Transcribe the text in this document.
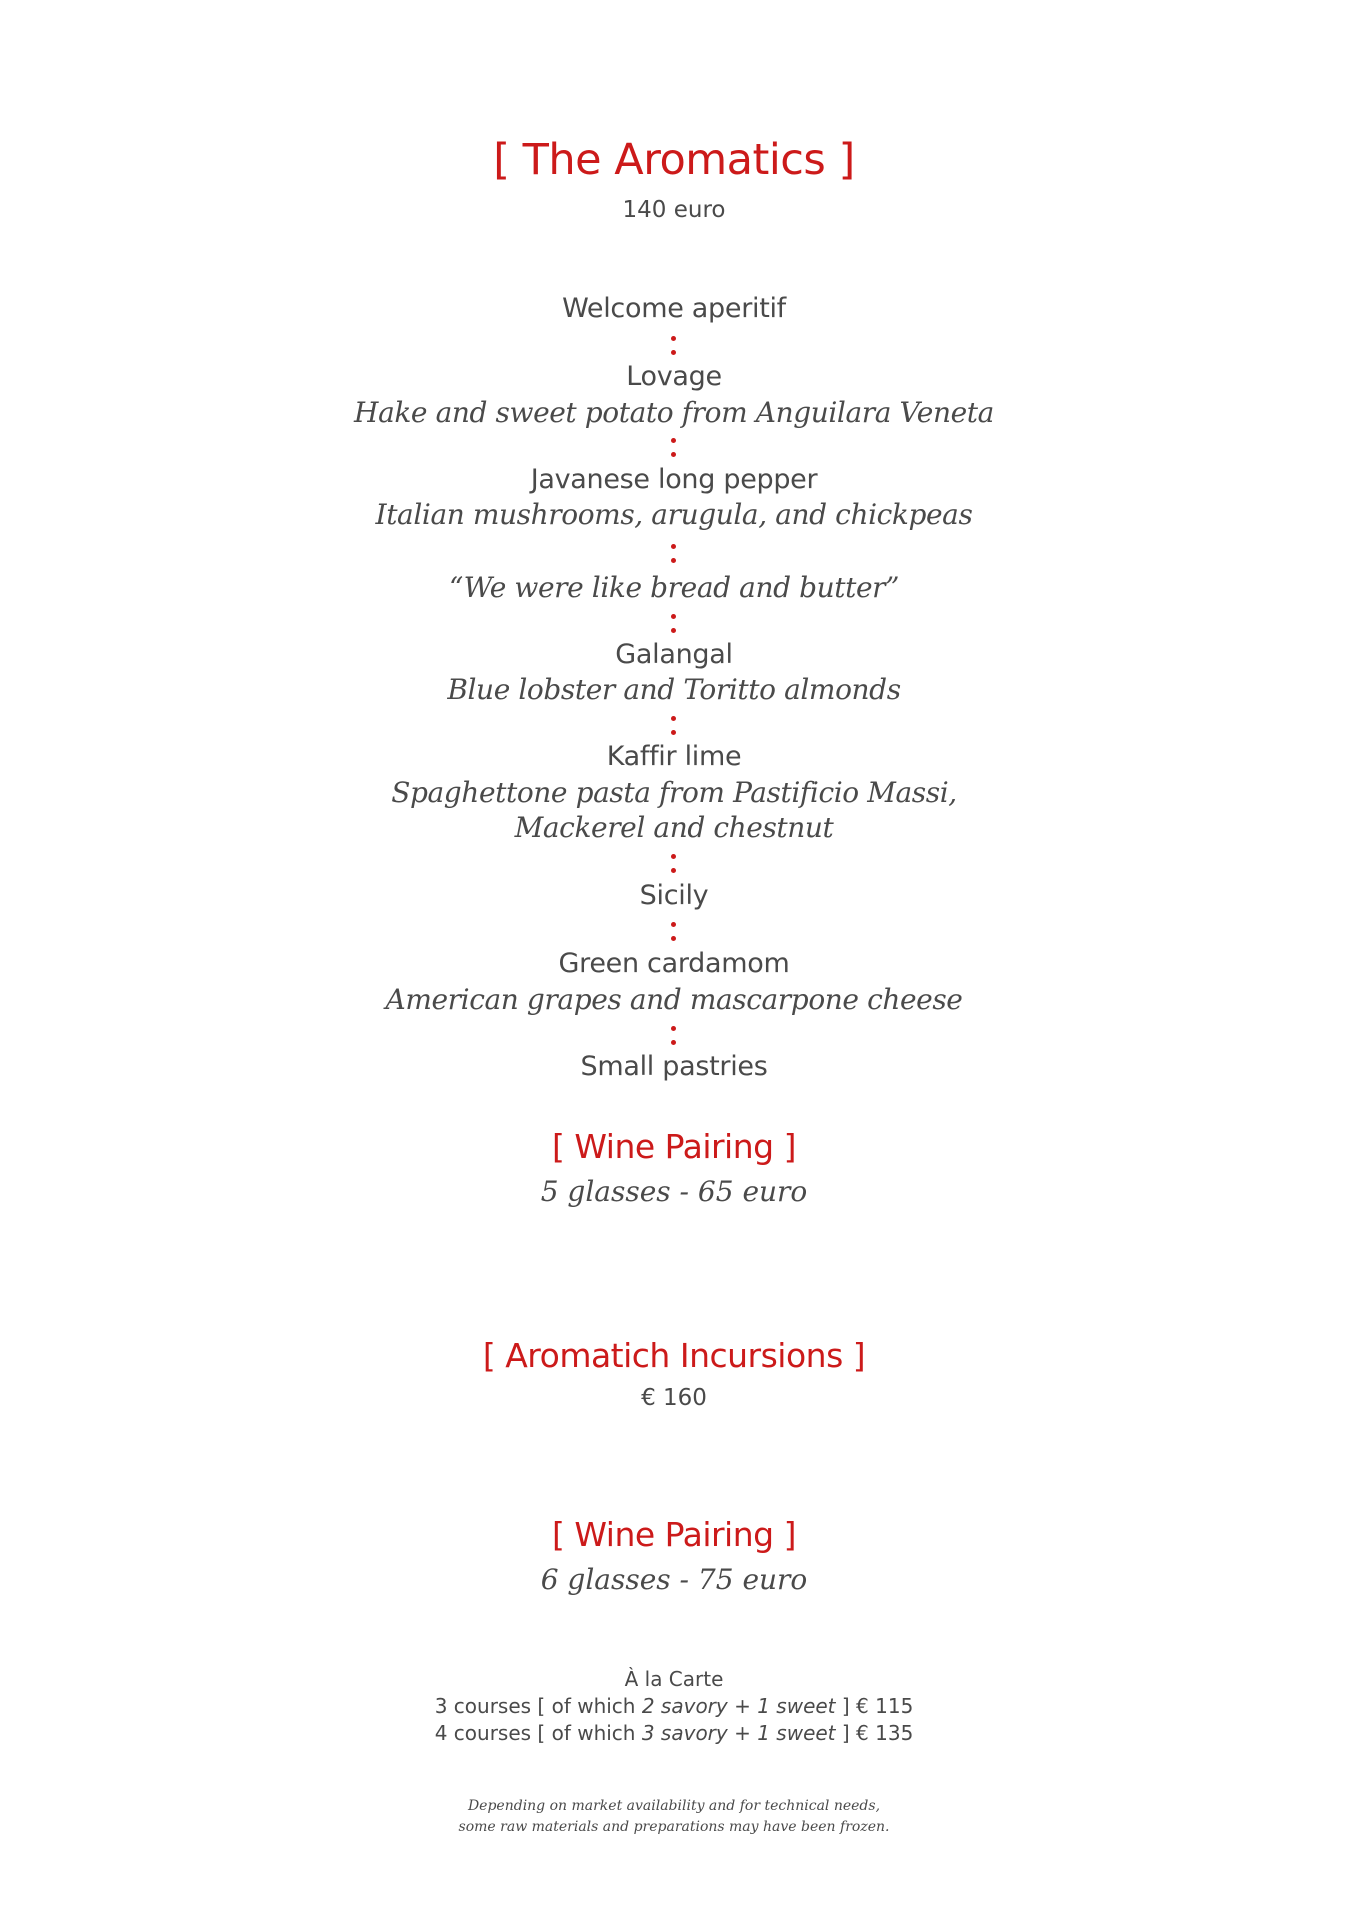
[ The Aromatics ]
140 euro
Welcome aperitif
Lovage
Hake and sweet potato from Anguilara Veneta
Javanese long pepper
Italian mushrooms, arugula, and chickpeas
“We were like bread and butter”
Galangal
Blue lobster and Toritto almonds
Kaffir lime
Spaghettone pasta from Pastificio Massi,
Mackerel and chestnut
Sicily
Green cardamom
American grapes and mascarpone cheese
Small pastries
[ Wine Pairing ]
5 glasses - 65 euro
[ Aromatich Incursions ]
€ 160
[ Wine Pairing ]
6 glasses - 75 euro
À la Carte
3 courses [ of which 2 savory + 1 sweet ] € 115
4 courses [ of which 3 savory + 1 sweet ] € 135
Depending on market availability and for technical needs,
some raw materials and preparations may have been frozen.
